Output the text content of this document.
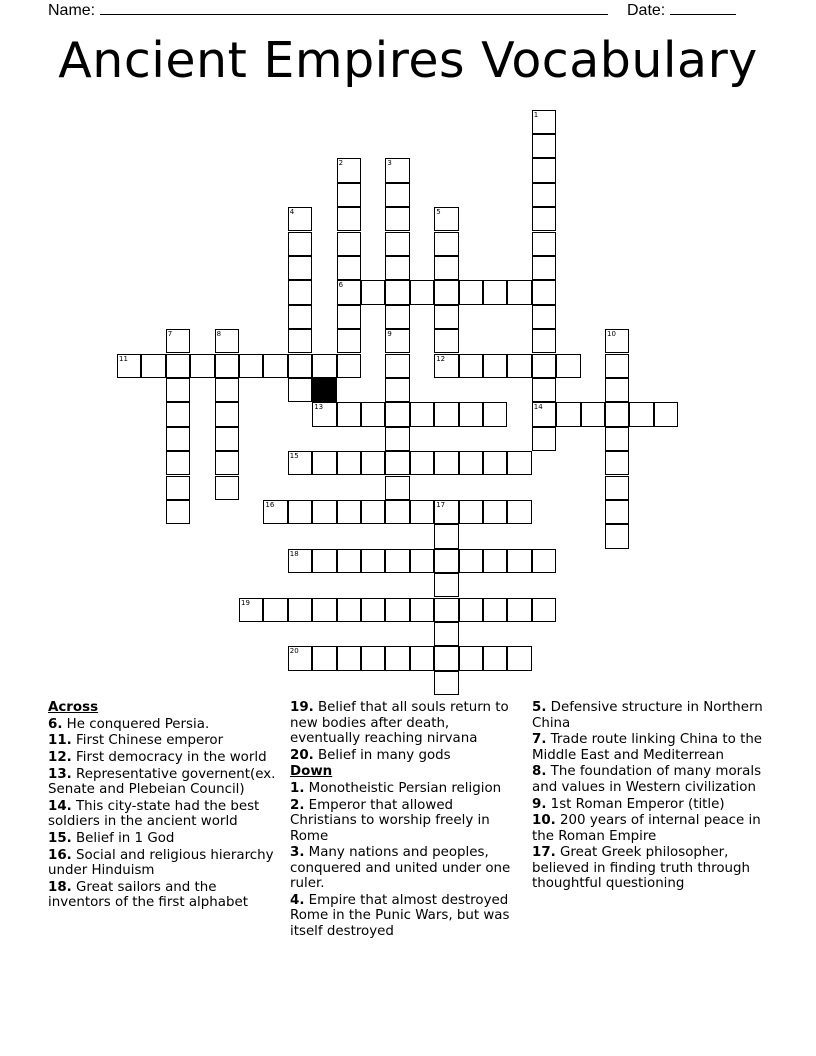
Name:	Date:
Ancient Empires Vocabulary
1
14
2
6
3
9
4	5
12
7	8	10
11
13
15
16	17
18
19
20
Across
6. He conquered Persia.
11. First Chinese emperor
12. First democracy in the world
13. Representative governent(ex. Senate and Plebeian Council)
14. This city-state had the best soldiers in the ancient world
15. Belief in 1 God
16. Social and religious hierarchy under Hinduism
18. Great sailors and the inventors of the first alphabet
19. Belief that all souls return to new bodies after death, eventually reaching nirvana
20. Belief in many gods
Down
1. Monotheistic Persian religion
2. Emperor that allowed Christians to worship freely in Rome
3. Many nations and peoples, conquered and united under one ruler.
4. Empire that almost destroyed Rome in the Punic Wars, but was itself destroyed
5. Defensive structure in Northern China
7. Trade route linking China to the Middle East and Mediterrean
8. The foundation of many morals and values in Western civilization
9. 1st Roman Emperor (title)
10. 200 years of internal peace in the Roman Empire
17. Great Greek philosopher, believed in finding truth through thoughtful questioning
